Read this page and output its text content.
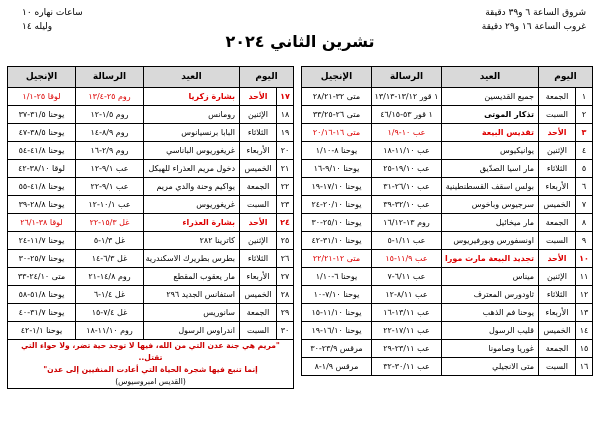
شروق الساعة ٦ و٣٩ دقيقة
غروب الساعة ١٦ و٢٩ دقيقة
ساعات نهاره ١٠
وليله ١٤
تشرين الثاني ٢٠٢٤
اليوم		العيد	الرسالة	الإنجيل
١	الجمعة	جميع القديسين	١ قور ١٣/١٢-١٣/١٣	متى ٣٢-٢٨/٢١
٢	السبت	تذكار الموتى	١ قور ٥٣-٤٦/١٥	متى ٢٦-٣٣/٢٥
٣	الأحد	تقديس البيعة	عب ١٠-١/٩	متى ١٦-٢٠/١٦
٤	الإثنين	يوانيكيوس	عب ١١/١٠-١٨	يوحنا ٨-١/١٠
٥	الثلاثاء	مار اسيا الصدّيق	عب ١٩/١٠-٢٥	يوحنا ٩/١٠-١٦
٦	الأربعاء	بولس اسقف القسطنطينية	عب ٢٦/١٠-٣١	يوحنا ١٧/١٠-١٩
٧	الخميس	سرجيوس وباخوس	عب ٣٢/١٠-٣٩	يوحنا ٢٠/١٠-٢٤
٨	الجمعة	مار ميخائيل	روم ١٣-١٦/١٢	يوحنا ٢٥/١٠-٣٠
٩	السبت	اونسفورس وبورفيريوس	عب ١/١١-٥	يوحنا ٣١/١٠-٤٢
١٠	الأحد	تجديد البيعة مارت مورا	عب ١١/٩-١٥	متى ١٢-٢٢/٢١
١١	الإثنين	ميناس	عب ٦/١١-٧	يوحنا ٦-١/١٠
١٢	الثلاثاء	ثاودورس المعترف	عب ٨/١١-١٢	يوحنا ٧/١٠-١٠
١٣	الأربعاء	يوحنا فم الذهب	عب ١٣/١١-١٦	يوحنا ١١/١٠-١٥
١٤	الخميس	قليب الرسول	عب ١٧/١١-٢٢	يوحنا ١٦/١٠-١٩
١٥	الجمعة	غوريا وصامونا	عب ٢٣/١١-٢٩	مرقس ٢٣/٩-٣٠
١٦	السبت	متى الانجيلي	عب ٣٠/١١-٣٢	مرقس ١/٩-٨
اليوم		العيد	الرسالة	الإنجيل
١٧	الأحد	بشارة زكريا	روم ٢٥-١٣/٤	لوقا ٢٥-١/١
١٨	الإثنين	رومانس	روم ١/٥-١٢	يوحنا ٣١/٥-٣٧
١٩	الثلاثاء	البابا برنسيانوس	روم ٨/٩-١٤	يوحنا ٣٨/٥-٤٧
٢٠	الأربعاء	غريغوريوس الباناسي	روم ٢/٩-١٦	يوحنا ٤١/٨-٥٤
٢١	الخميس	دخول مريم العذراء للهيكل	عب ٩/١-١٢	لوقا ٣٨/١٠-٤٢
٢٢	الجمعة	يواكيم وحنة والدي مريم	عب ٩/١-٢٢	يوحنا ٤١/٨-٥٥
٢٣	السبت	غريغوريوس	عب ١٠/١-١٢	يوحنا ٢٨/٨-٣٩
٢٤	الأحد	بشارة العذراء	غل ١٥/٣-٢٢	لوقا ٣٨-٢٦/١
٢٥	الإثنين	كاترينا ٢٨٢	غل ١/٣-٥	يوحنا ١١/٧-٢٤
٢٦	الثلاثاء	بطرس بطريرك الاسكندرية	غل ٦/٣-١٤	يوحنا ٢٥/٧-٣٠
٢٧	الأربعاء	مار يعقوب المقطع	روم ١٤/٨-٢١	متى ٢٤/١٠-٣٣
٢٨	الخميس	استفانس الجديد ٢٩٦	غل ١/٤-٦	يوحنا ٥١/٨-٥٨
٢٩	الجمعة	سانوريس	غل ٧/٤-١٥	يوحنا ٣١/٧-٤٠
٣٠	السبت	اندراوس الرسول	روم ١١/١٠-١٨	يوحنا ١/١-٤٢

"مريم هي جنة عدن التي من الله، فيها لا توجد حية تضر، ولا حواء التي تقتل..
إنما تنبع فيها شجرة الحياة التي أعادت المنفيين إلى عدن"
(القديس امبروسيوس)				
